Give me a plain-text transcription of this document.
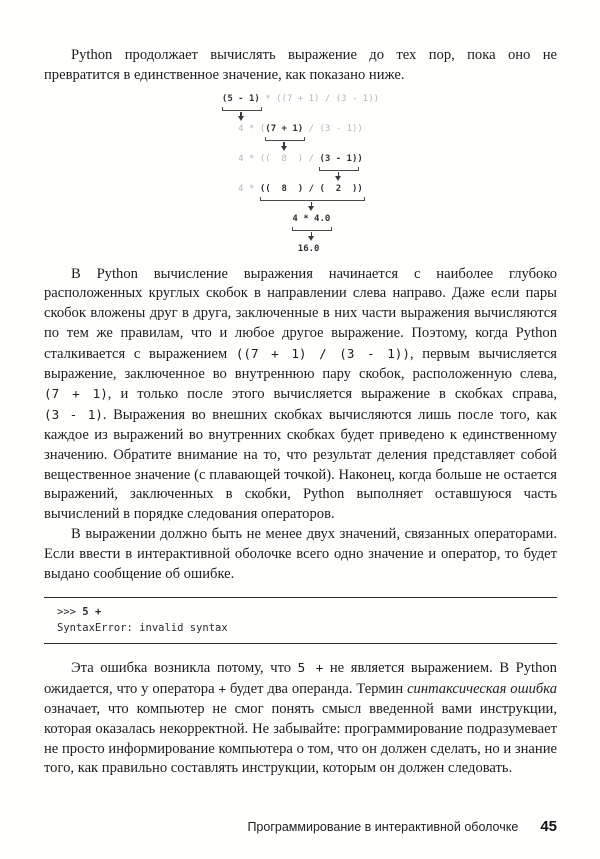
Python продолжает вычислять выражение до тех пор, пока оно не превратится в единственное значение, как показано ниже.

(5 - 1) * ((7 + 1) / (3 - 1))
4 * ((7 + 1) / (3 - 1))
4 * ((  8  ) / (3 - 1))
4 * ((  8  ) / (  2  ))
4 * 4.0
16.0

В Python вычисление выражения начинается с наиболее глубоко расположенных круглых скобок в направлении слева направо. Даже если пары скобок вложены друг в друга, заключенные в них части выражения вычисляются по тем же правилам, что и любое другое выражение. Поэтому, когда Python сталкивается с выражением ((7 + 1) / (3 - 1)), первым вычисляется выражение, заключенное во внутреннюю пару скобок, расположенную слева, (7 + 1), и только после этого вычисляется выражение в скобках справа, (3 - 1). Выражения во внешних скобках вычисляются лишь после того, как каждое из выражений во внутренних скобках будет приведено к единственному значению. Обратите внимание на то, что результат деления представляет собой вещественное значение (с плавающей точкой). Наконец, когда больше не остается выражений, заключенных в скобки, Python выполняет оставшуюся часть вычислений в порядке следования операторов.

В выражении должно быть не менее двух значений, связанных операторами. Если ввести в интерактивной оболочке всего одно значение и оператор, то будет выдано сообщение об ошибке.

>>> 5 +
SyntaxError: invalid syntax

Эта ошибка возникла потому, что 5 + не является выражением. В Python ожидается, что у оператора + будет два операнда. Термин синтаксическая ошибка означает, что компьютер не смог понять смысл введенной вами инструкции, которая оказалась некорректной. Не забывайте: программирование подразумевает не просто информирование компьютера о том, что он должен сделать, но и знание того, как правильно составлять инструкции, которым он должен следовать.

Программирование в интерактивной оболочке 45
